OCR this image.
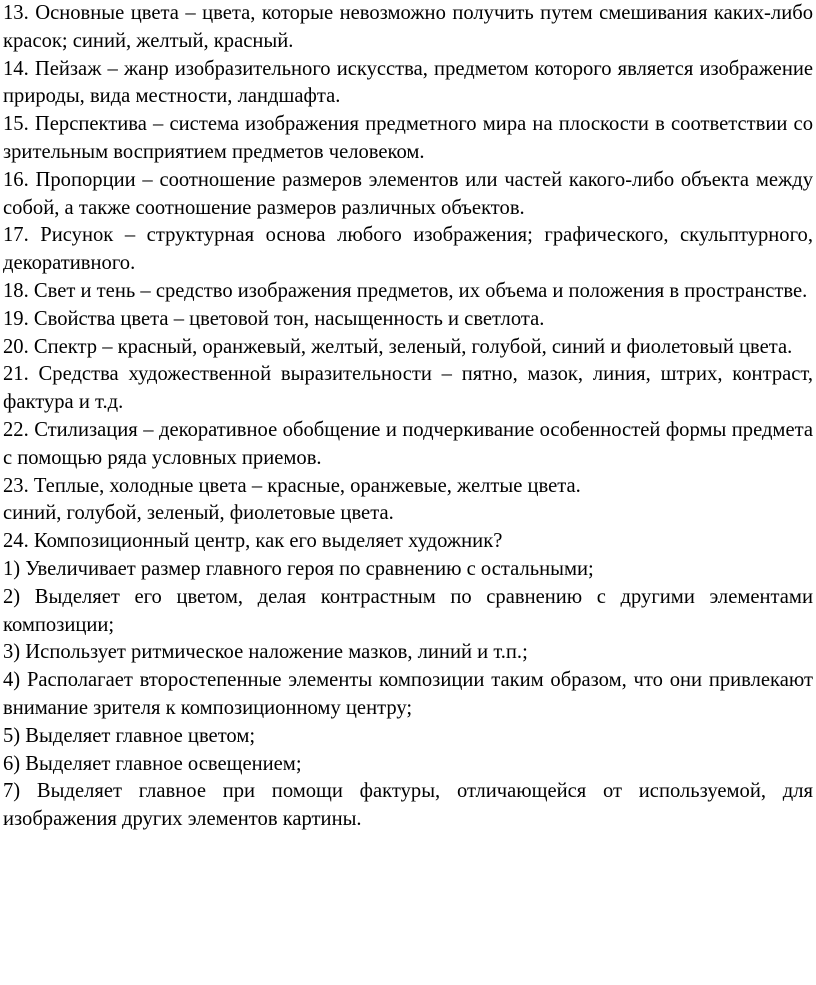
13. Основные цвета – цвета, которые невозможно получить путем смешивания каких-либо красок; синий, желтый, красный.

14. Пейзаж – жанр изобразительного искусства, предметом которого является изображение природы, вида местности, ландшафта.

15. Перспектива – система изображения предметного мира на плоскости в соответствии со зрительным восприятием предметов человеком.

16. Пропорции – соотношение размеров элементов или частей какого-либо объекта между собой, а также соотношение размеров различных объектов.

17. Рисунок – структурная основа любого изображения; графического, скульптурного, декоративного.

18. Свет и тень – средство изображения предметов, их объема и положения в пространстве.

19. Свойства цвета – цветовой тон, насыщенность и светлота.

20. Спектр – красный, оранжевый, желтый, зеленый, голубой, синий и фиолетовый цвета.

21. Средства художественной выразительности – пятно, мазок, линия, штрих, контраст, фактура и т.д.

22. Стилизация – декоративное обобщение и подчеркивание особенностей формы предмета с помощью ряда условных приемов.

23. Теплые, холодные цвета – красные, оранжевые, желтые цвета.

синий, голубой, зеленый, фиолетовые цвета.

24. Композиционный центр, как его выделяет художник?

1) Увеличивает размер главного героя по сравнению с остальными;

2) Выделяет его цветом, делая контрастным по сравнению с другими элементами композиции;

3) Использует ритмическое наложение мазков, линий и т.п.;

4) Располагает второстепенные элементы композиции таким образом, что они привлекают внимание зрителя к композиционному центру;

5) Выделяет главное цветом;

6) Выделяет главное освещением;

7) Выделяет главное при помощи фактуры, отличающейся от используемой, для изображения других элементов картины.
